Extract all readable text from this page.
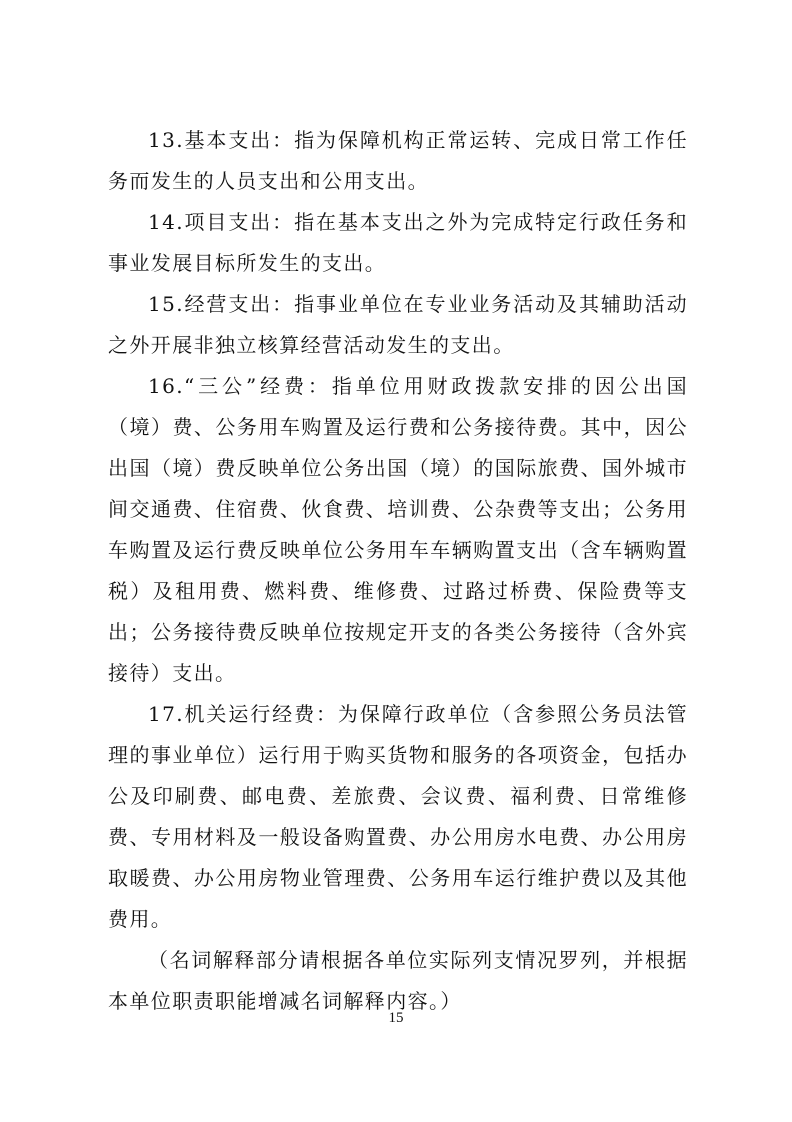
13.基本支出：指为保障机构正常运转、完成日常工作任务而发生的人员支出和公用支出。

14.项目支出：指在基本支出之外为完成特定行政任务和事业发展目标所发生的支出。

15.经营支出：指事业单位在专业业务活动及其辅助活动之外开展非独立核算经营活动发生的支出。

16.“三公”经费：指单位用财政拨款安排的因公出国（境）费、公务用车购置及运行费和公务接待费。其中，因公出国（境）费反映单位公务出国（境）的国际旅费、国外城市间交通费、住宿费、伙食费、培训费、公杂费等支出；公务用车购置及运行费反映单位公务用车车辆购置支出（含车辆购置税）及租用费、燃料费、维修费、过路过桥费、保险费等支出；公务接待费反映单位按规定开支的各类公务接待（含外宾接待）支出。

17.机关运行经费：为保障行政单位（含参照公务员法管理的事业单位）运行用于购买货物和服务的各项资金，包括办公及印刷费、邮电费、差旅费、会议费、福利费、日常维修费、专用材料及一般设备购置费、办公用房水电费、办公用房取暖费、办公用房物业管理费、公务用车运行维护费以及其他费用。

（名词解释部分请根据各单位实际列支情况罗列，并根据本单位职责职能增减名词解释内容。）

15
